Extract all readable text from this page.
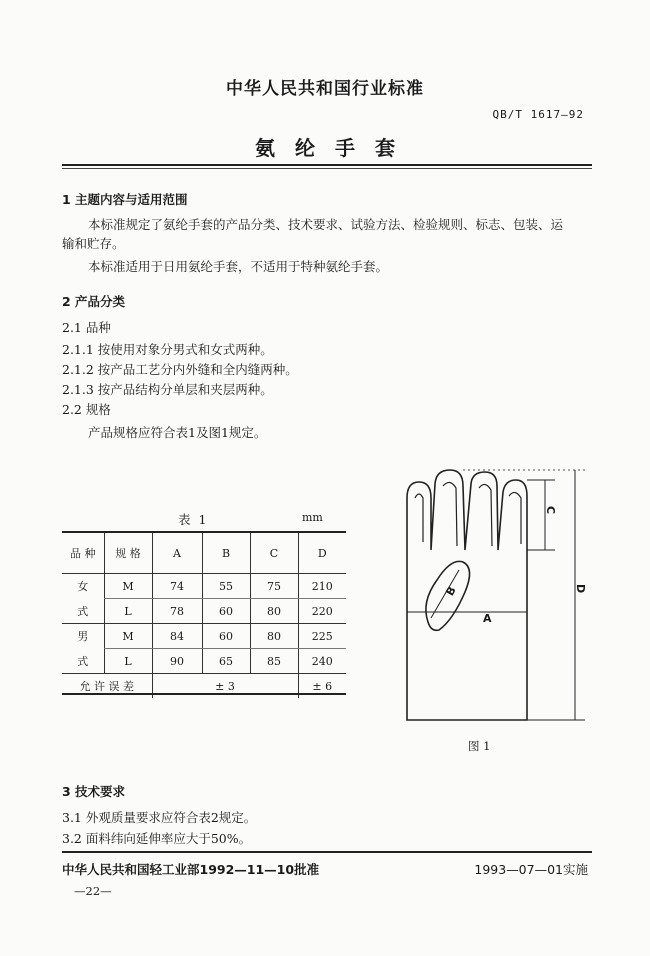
中华人民共和国行业标准
QB/T 1617—92
氨纶手套
1 主题内容与适用范围
本标准规定了氨纶手套的产品分类、技术要求、试验方法、检验规则、标志、包装、运
输和贮存。
本标准适用于日用氨纶手套，不适用于特种氨纶手套。
2 产品分类
2.1 品种
2.1.1 按使用对象分男式和女式两种。
2.1.2 按产品工艺分内外缝和全内缝两种。
2.1.3 按产品结构分单层和夹层两种。
2.2 规格
产品规格应符合表1及图1规定。
表 1	mm
品 种	规 格	A	B	C	D
女	M	74	55	75	210
式	L	78	60	80	220
男	M	84	60	80	225
式	L	90	65	85	240
允 许 误 差		± 3			± 6
A
B
C
D
图 1
3 技术要求
3.1 外观质量要求应符合表2规定。
3.2 面料纬向延伸率应大于50%。
中华人民共和国轻工业部1992—11—10批准	1993—07—01实施
—22—
